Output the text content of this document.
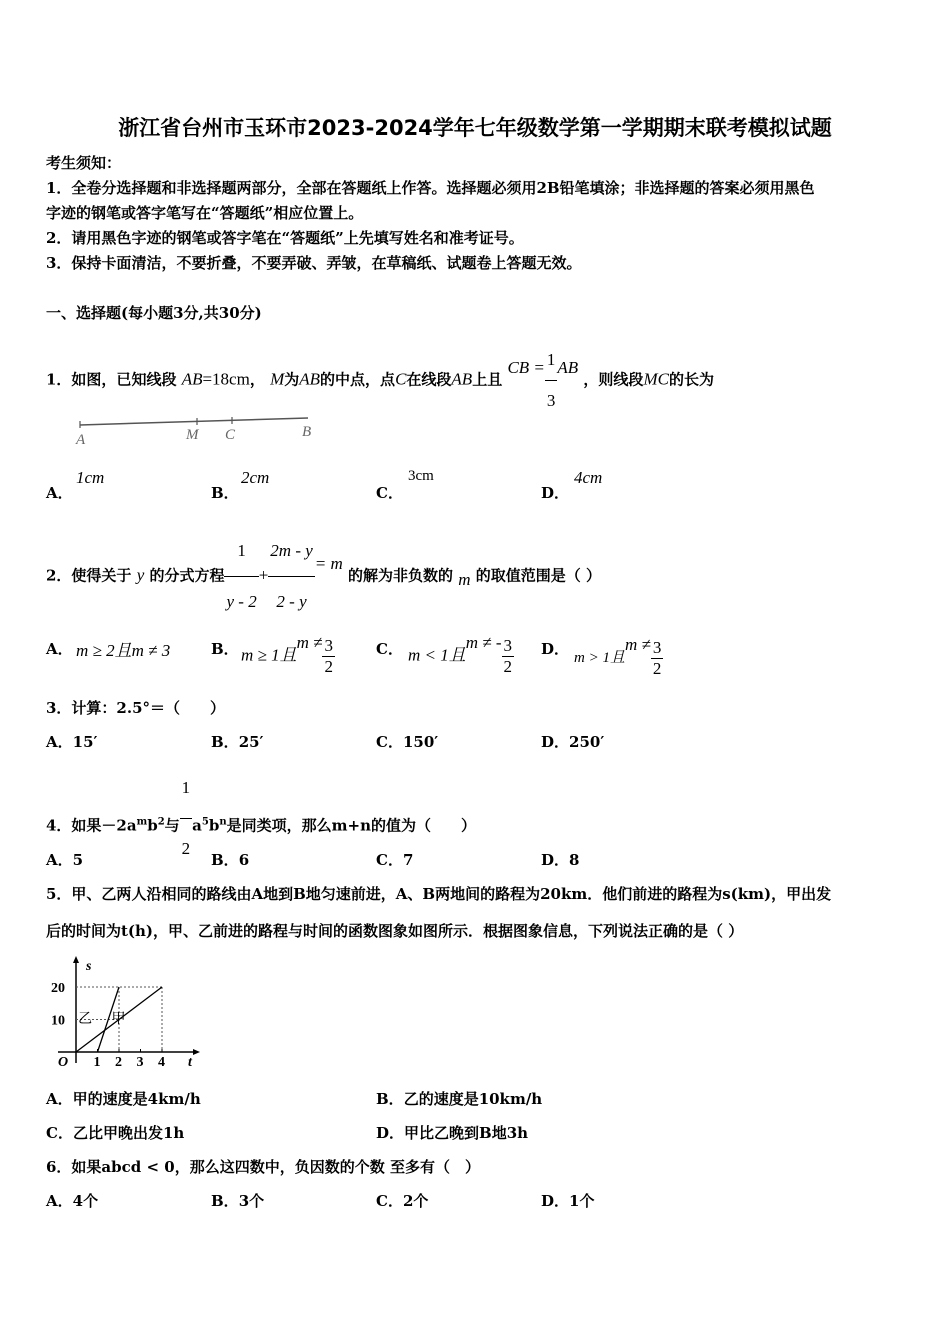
浙江省台州市玉环市2023-2024学年七年级数学第一学期期末联考模拟试题
考生须知：
1．全卷分选择题和非选择题两部分，全部在答题纸上作答。选择题必须用2B铅笔填涂；非选择题的答案必须用黑色
字迹的钢笔或答字笔写在“答题纸”相应位置上。
2．请用黑色字迹的钢笔或答字笔在“答题纸”上先填写姓名和准考证号。
3．保持卡面清洁，不要折叠，不要弄破、弄皱，在草稿纸、试题卷上答题无效。
一、选择题(每小题3分,共30分)
1．如图，已知线段 AB=18cm， M为AB的中点，点C在线段AB上且 CB = $\frac{1}{3}$ AB ，则线段MC的长为
A	M C	B
A．
1cm
B．
2cm
C．
3cm
D．
4cm
2．使得关于 y 的分式方程 $\frac{1}{y - 2} + \frac{2m - y}{2 - y} = m$ 的解为非负数的 m 的取值范围是（ ）
A． m ≥ 2且m ≠ 3	B． m ≥ 1且$m \ne \frac{3}{2}$	C． m < 1且m ≠ - $\frac{3}{2}$ D． m > 1且$m \ne \frac{3}{2}$
3．计算：2.5°＝（　　）
A．15′	B．25′	C．150′	D．250′
4．如果$-2a^mb^2$与 $\frac{1}{2} a^5b^n$是同类项，那么m+n的值为（　　）
A．5	B．6	C．7	D．8
5．甲、乙两人沿相同的路线由A地到B地匀速前进，A、B两地间的路程为20km．他们前进的路程为s(km)，甲出发
后的时间为t(h)，甲、乙前进的路程与时间的函数图象如图所示．根据图象信息，下列说法正确的是（ ）
s
t
O 1 2 3 4
10
20
甲
乙
A．甲的速度是4km/h	B．乙的速度是10km/h
C．乙比甲晚出发1h	D．甲比乙晚到B地3h
6．如果abcd < 0，那么这四数中，负因数的个数 至多有（　）
A．4个	B．3个	C．2个	D．1个
